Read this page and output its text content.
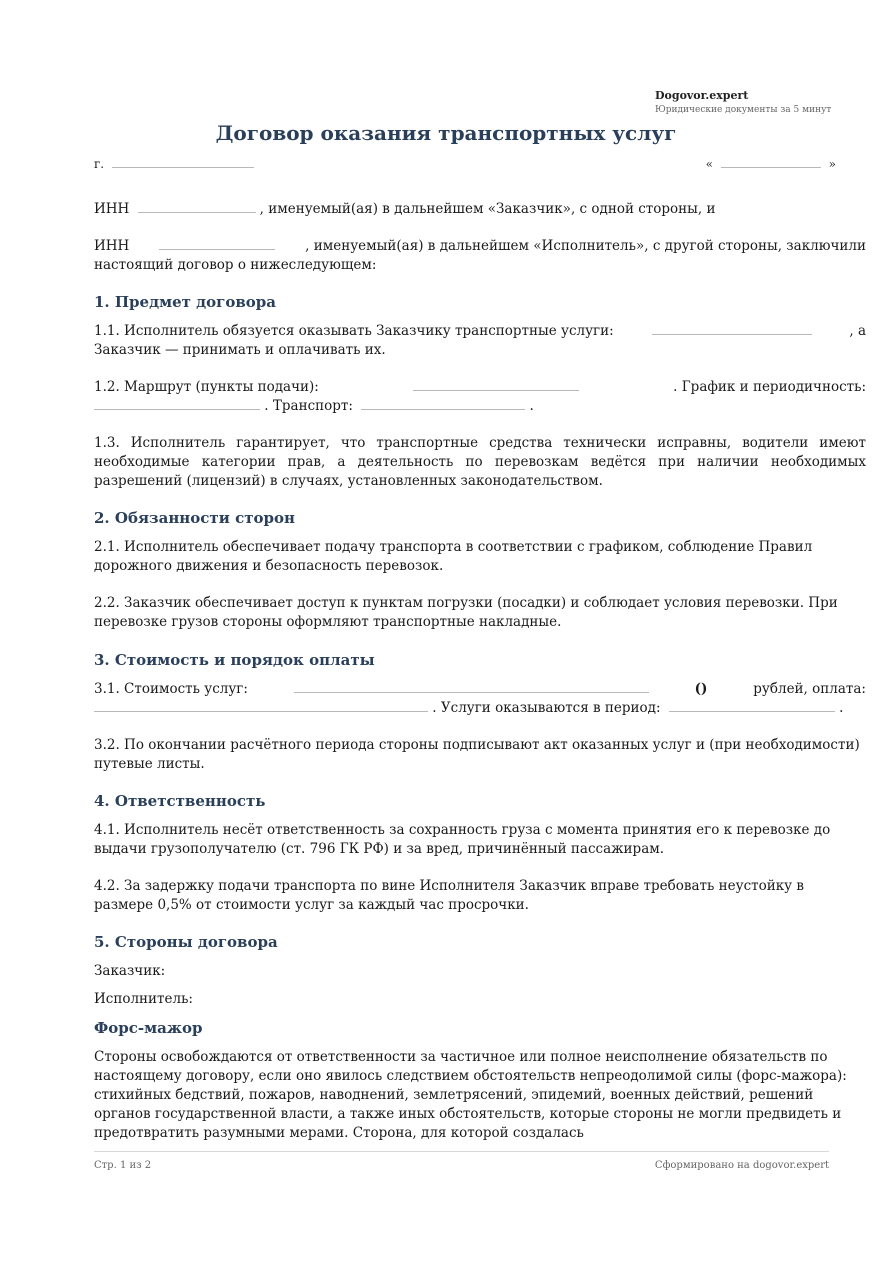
Dogovor.expert
Юридические документы за 5 минут
Договор оказания транспортных услуг
г.	«	»
ИНН	, именуемый(ая) в дальнейшем «Заказчик», с одной стороны, и
ИНН	, именуемый(ая) в дальнейшем «Исполнитель», с другой стороны, заключили
настоящий договор о нижеследующем:
1. Предмет договора
1.1. Исполнитель обязуется оказывать Заказчику транспортные услуги:	, а
Заказчик — принимать и оплачивать их.
1.2. Маршрут (пункты подачи):	. График и периодичность:
. Транспорт:	.
1.3. Исполнитель гарантирует, что транспортные средства технически исправны, водители имеют необходимые категории прав, а деятельность по перевозкам ведётся при наличии необходимых разрешений (лицензий) в случаях, установленных законодательством.
2. Обязанности сторон
2.1. Исполнитель обеспечивает подачу транспорта в соответствии с графиком, соблюдение Правил дорожного движения и безопасность перевозок.
2.2. Заказчик обеспечивает доступ к пунктам погрузки (посадки) и соблюдает условия перевозки. При перевозке грузов стороны оформляют транспортные накладные.
3. Стоимость и порядок оплаты
3.1. Стоимость услуг:	()	рублей, оплата:
. Услуги оказываются в период:	.
3.2. По окончании расчётного периода стороны подписывают акт оказанных услуг и (при необходимости) путевые листы.
4. Ответственность
4.1. Исполнитель несёт ответственность за сохранность груза с момента принятия его к перевозке до выдачи грузополучателю (ст. 796 ГК РФ) и за вред, причинённый пассажирам.
4.2. За задержку подачи транспорта по вине Исполнителя Заказчик вправе требовать неустойку в размере 0,5% от стоимости услуг за каждый час просрочки.
5. Стороны договора
Заказчик:
Исполнитель:
Форс-мажор
Стороны освобождаются от ответственности за частичное или полное неисполнение обязательств по настоящему договору, если оно явилось следствием обстоятельств непреодолимой силы (форс-мажора): стихийных бедствий, пожаров, наводнений, землетрясений, эпидемий, военных действий, решений органов государственной власти, а также иных обстоятельств, которые стороны не могли предвидеть и предотвратить разумными мерами. Сторона, для которой создалась
Стр. 1 из 2	Сформировано на dogovor.expert
